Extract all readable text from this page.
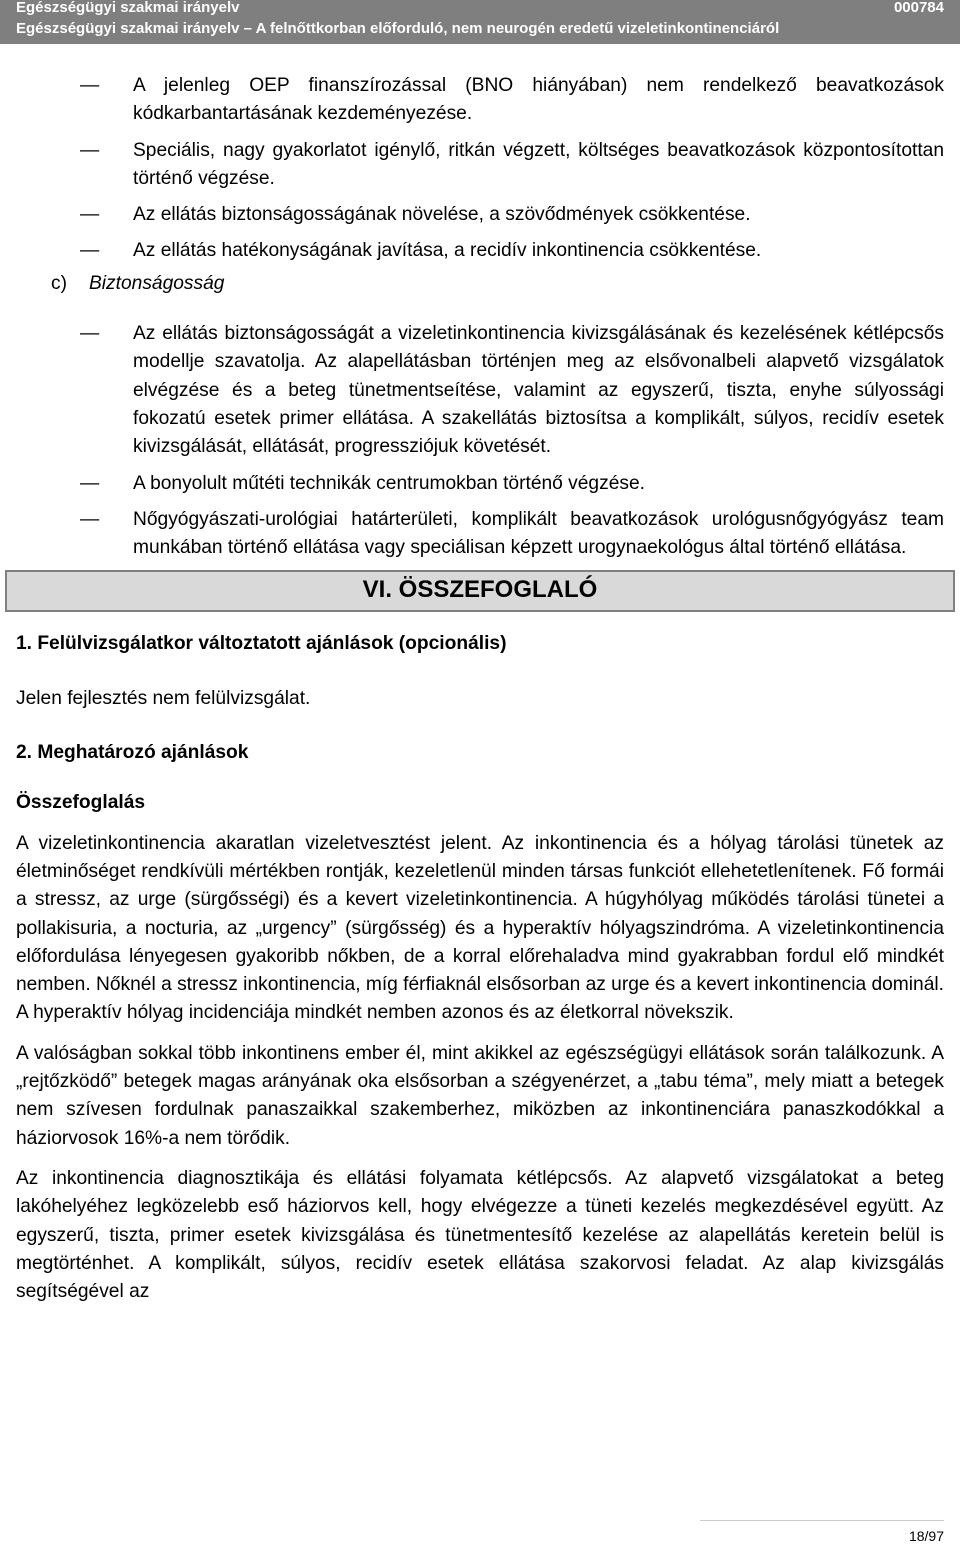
Egészségügyi szakmai irányelv	000784
Egészségügyi szakmai irányelv – A felnőttkorban előforduló, nem neurogén eredetű vizeletinkontinenciáról
—	A jelenleg OEP finanszírozással (BNO hiányában) nem rendelkező beavatkozások kódkarbantartásának kezdeményezése.
—	Speciális, nagy gyakorlatot igénylő, ritkán végzett, költséges beavatkozások központosítottan történő végzése.
—	Az ellátás biztonságosságának növelése, a szövődmények csökkentése.
—	Az ellátás hatékonyságának javítása, a recidív inkontinencia csökkentése.
c) Biztonságosság
—	Az ellátás biztonságosságát a vizeletinkontinencia kivizsgálásának és kezelésének kétlépcsős modellje szavatolja. Az alapellátásban történjen meg az elsővonalbeli alapvető vizsgálatok elvégzése és a beteg tünetmentseítése, valamint az egyszerű, tiszta, enyhe súlyossági fokozatú esetek primer ellátása. A szakellátás biztosítsa a komplikált, súlyos, recidív esetek kivizsgálását, ellátását, progressziójuk követését.
—	A bonyolult műtéti technikák centrumokban történő végzése.
—	Nőgyógyászati-urológiai határterületi, komplikált beavatkozások urológusnőgyógyász team munkában történő ellátása vagy speciálisan képzett urogynaekológus által történő ellátása.
VI. ÖSSZEFOGLALÓ
1. Felülvizsgálatkor változtatott ajánlások (opcionális)
Jelen fejlesztés nem felülvizsgálat.
2. Meghatározó ajánlások
Összefoglalás
A vizeletinkontinencia akaratlan vizeletvesztést jelent. Az inkontinencia és a hólyag tárolási tünetek az életminőséget rendkívüli mértékben rontják, kezeletlenül minden társas funkciót ellehetetlenítenek. Fő formái a stressz, az urge (sürgősségi) és a kevert vizeletinkontinencia. A húgyhólyag működés tárolási tünetei a pollakisuria, a nocturia, az „urgency” (sürgősség) és a hyperaktív hólyagszindróma. A vizeletinkontinencia előfordulása lényegesen gyakoribb nőkben, de a korral előrehaladva mind gyakrabban fordul elő mindkét nemben. Nőknél a stressz inkontinencia, míg férfiaknál elsősorban az urge és a kevert inkontinencia dominál. A hyperaktív hólyag incidenciája mindkét nemben azonos és az életkorral növekszik.
A valóságban sokkal több inkontinens ember él, mint akikkel az egészségügyi ellátások során találkozunk. A „rejtőzködő” betegek magas arányának oka elsősorban a szégyenérzet, a „tabu téma”, mely miatt a betegek nem szívesen fordulnak panaszaikkal szakemberhez, miközben az inkontinenciára panaszkodókkal a háziorvosok 16%-a nem törődik.
Az inkontinencia diagnosztikája és ellátási folyamata kétlépcsős. Az alapvető vizsgálatokat a beteg lakóhelyéhez legközelebb eső háziorvos kell, hogy elvégezze a tüneti kezelés megkezdésével együtt. Az egyszerű, tiszta, primer esetek kivizsgálása és tünetmentesítő kezelése az alapellátás keretein belül is megtörténhet. A komplikált, súlyos, recidív esetek ellátása szakorvosi feladat. Az alap kivizsgálás segítségével az
18/97
